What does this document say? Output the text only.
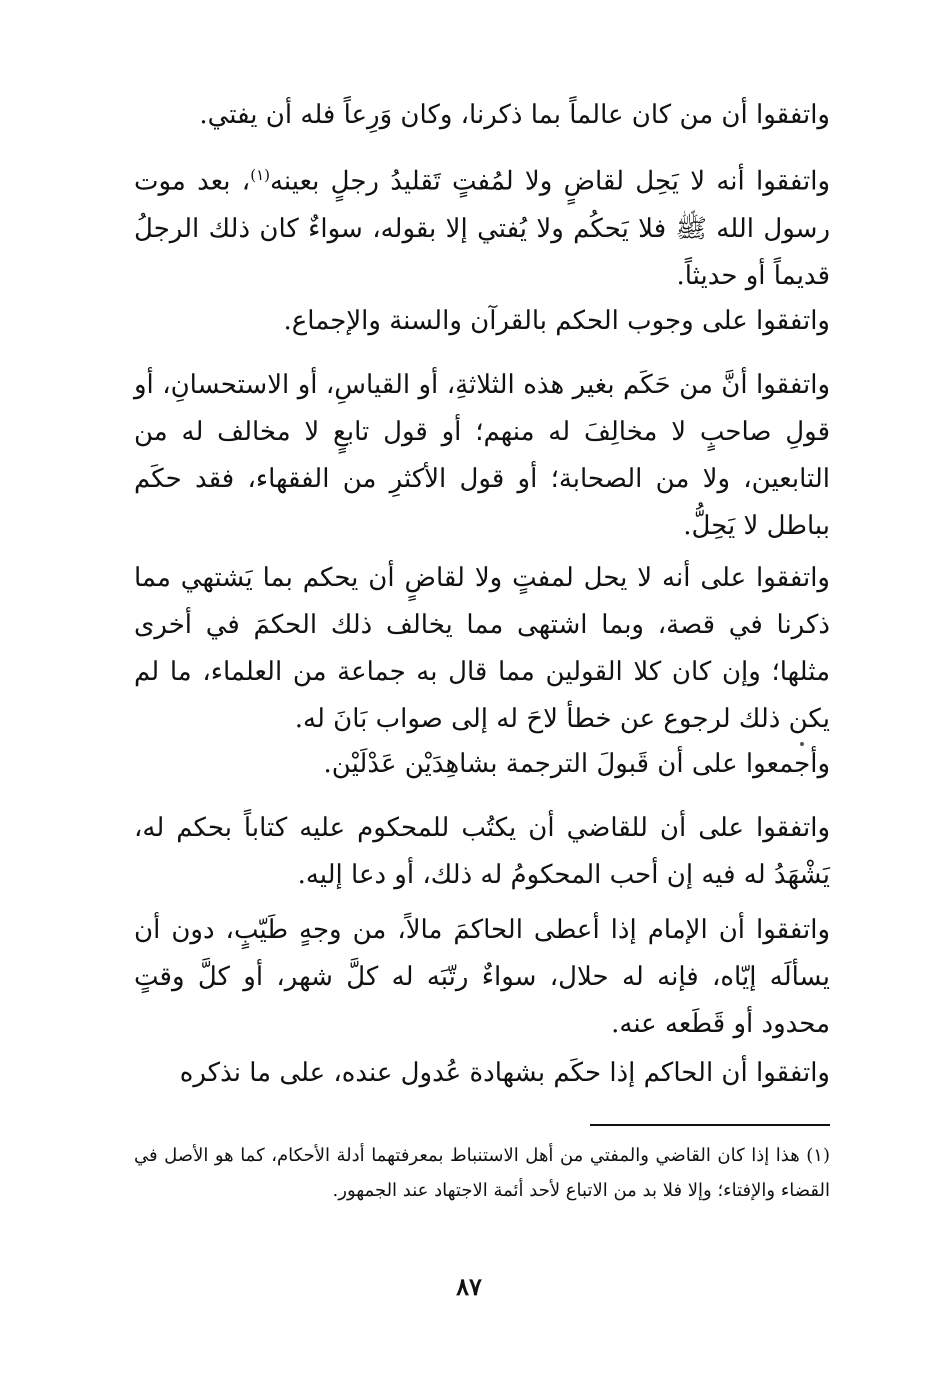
واتفقوا أن من كان عالماً بما ذكرنا، وكان وَرِعاً فله أن يفتي.

واتفقوا أنه لا يَحِل لقاضٍ ولا لمُفتٍ تَقليدُ رجلٍ بعينه$^{(١)}$، بعد موت رسول الله ﷺ فلا يَحكُم ولا يُفتي إلا بقوله، سواءٌ كان ذلك الرجلُ قديماً أو حديثاً.

واتفقوا على وجوب الحكم بالقرآن والسنة والإجماع.

واتفقوا أنَّ من حَكَم بغير هذه الثلاثةِ، أو القياسِ، أو الاستحسانِ، أو قولِ صاحبٍ لا مخالِفَ له منهم؛ أو قول تابعٍ لا مخالف له من التابعين، ولا من الصحابة؛ أو قول الأكثرِ من الفقهاء، فقد حكَم بباطل لا يَحِلُّ.

واتفقوا على أنه لا يحل لمفتٍ ولا لقاضٍ أن يحكم بما يَشتهي مما ذكرنا في قصة، وبما اشتهى مما يخالف ذلك الحكمَ في أخرى مثلها؛ وإن كان كلا القولين مما قال به جماعة من العلماء، ما لم يكن ذلك لرجوع عن خطأ لاحَ له إلى صواب بَانَ له.

وأجمعوا على أن قَبولَ الترجمة بشاهِدَيْن عَدْلَيْن.

واتفقوا على أن للقاضي أن يكتُب للمحكوم عليه كتاباً بحكم له، يَشْهَدُ له فيه إن أحب المحكومُ له ذلك، أو دعا إليه.

واتفقوا أن الإمام إذا أعطى الحاكمَ مالاً، من وجهٍ طَيّبٍ، دون أن يسألَه إيّاه، فإنه له حلال، سواءٌ رتّبَه له كلَّ شهر، أو كلَّ وقتٍ محدود أو قَطَعه عنه.

واتفقوا أن الحاكم إذا حكَم بشهادة عُدول عنده، على ما نذكره

(١) هذا إذا كان القاضي والمفتي من أهل الاستنباط بمعرفتهما أدلة الأحكام، كما هو الأصل في القضاء والإفتاء؛ وإلا فلا بد من الاتباع لأحد أئمة الاجتهاد عند الجمهور.

٨٧
